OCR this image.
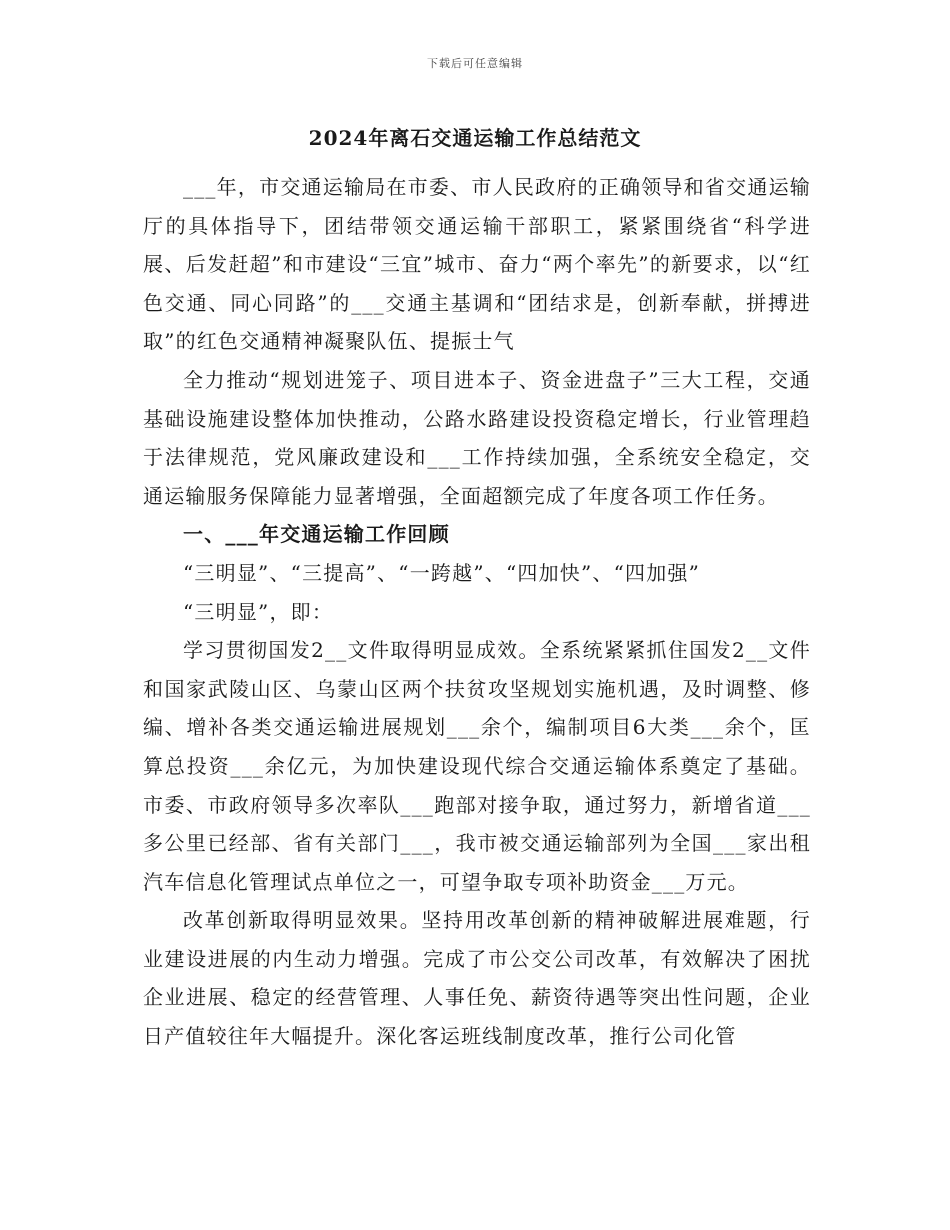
下载后可任意编辑
2024年离石交通运输工作总结范文

___年，市交通运输局在市委、市人民政府的正确领导和省交通运输厅的具体指导下，团结带领交通运输干部职工，紧紧围绕省“科学进展、后发赶超”和市建设“三宜”城市、奋力“两个率先”的新要求，以“红色交通、同心同路”的___交通主基调和“团结求是，创新奉献，拼搏进取”的红色交通精神凝聚队伍、提振士气

全力推动“规划进笼子、项目进本子、资金进盘子”三大工程，交通基础设施建设整体加快推动，公路水路建设投资稳定增长，行业管理趋于法律规范，党风廉政建设和___工作持续加强，全系统安全稳定，交通运输服务保障能力显著增强，全面超额完成了年度各项工作任务。

一、___年交通运输工作回顾

“三明显”、“三提高”、“一跨越”、“四加快”、“四加强”

“三明显”，即：

学习贯彻国发2__文件取得明显成效。全系统紧紧抓住国发2__文件和国家武陵山区、乌蒙山区两个扶贫攻坚规划实施机遇，及时调整、修编、增补各类交通运输进展规划___余个，编制项目6大类___余个，匡算总投资___余亿元，为加快建设现代综合交通运输体系奠定了基础。市委、市政府领导多次率队___跑部对接争取，通过努力，新增省道___多公里已经部、省有关部门___，我市被交通运输部列为全国___家出租汽车信息化管理试点单位之一，可望争取专项补助资金___万元。

改革创新取得明显效果。坚持用改革创新的精神破解进展难题，行业建设进展的内生动力增强。完成了市公交公司改革，有效解决了困扰企业进展、稳定的经营管理、人事任免、薪资待遇等突出性问题，企业日产值较往年大幅提升。深化客运班线制度改革，推行公司化管
